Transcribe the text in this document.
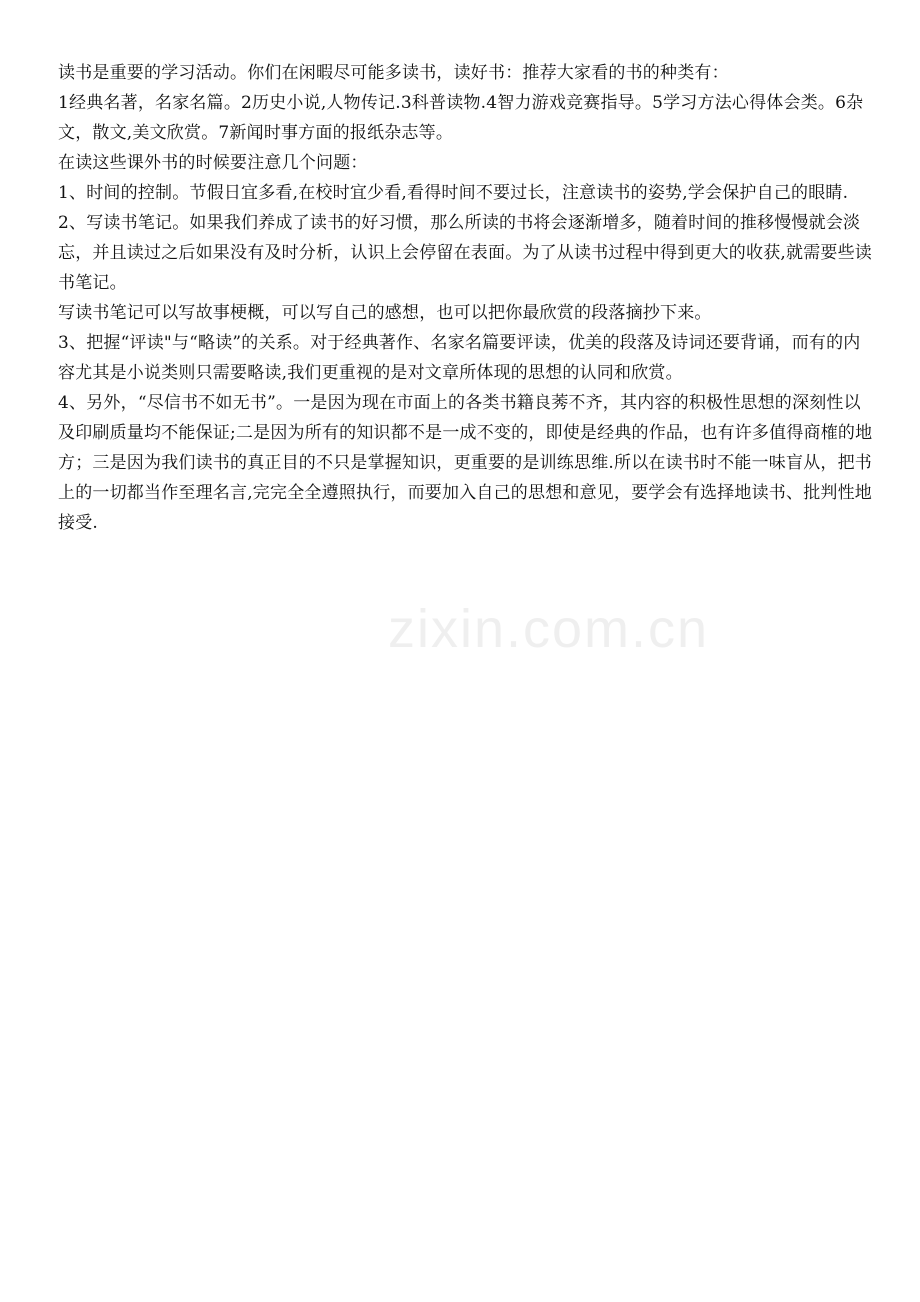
读书是重要的学习活动。你们在闲暇尽可能多读书，读好书：推荐大家看的书的种类有：

1经典名著，名家名篇。2历史小说,人物传记.3科普读物.4智力游戏竞赛指导。5学习方法心得体会类。6杂文，散文,美文欣赏。7新闻时事方面的报纸杂志等。

在读这些课外书的时候要注意几个问题：

1、时间的控制。节假日宜多看,在校时宜少看,看得时间不要过长，注意读书的姿势,学会保护自己的眼睛.

2、写读书笔记。如果我们养成了读书的好习惯，那么所读的书将会逐渐增多，随着时间的推移慢慢就会淡忘，并且读过之后如果没有及时分析，认识上会停留在表面。为了从读书过程中得到更大的收获,就需要些读书笔记。

写读书笔记可以写故事梗概，可以写自己的感想，也可以把你最欣赏的段落摘抄下来。

3、把握“评读"与“略读”的关系。对于经典著作、名家名篇要评读，优美的段落及诗词还要背诵，而有的内容尤其是小说类则只需要略读,我们更重视的是对文章所体现的思想的认同和欣赏。

4、另外，“尽信书不如无书”。一是因为现在市面上的各类书籍良莠不齐，其内容的积极性思想的深刻性以及印刷质量均不能保证;二是因为所有的知识都不是一成不变的，即使是经典的作品，也有许多值得商榷的地方；三是因为我们读书的真正目的不只是掌握知识，更重要的是训练思维.所以在读书时不能一味盲从，把书上的一切都当作至理名言,完完全全遵照执行，而要加入自己的思想和意见，要学会有选择地读书、批判性地接受.

zixin.com.cn
